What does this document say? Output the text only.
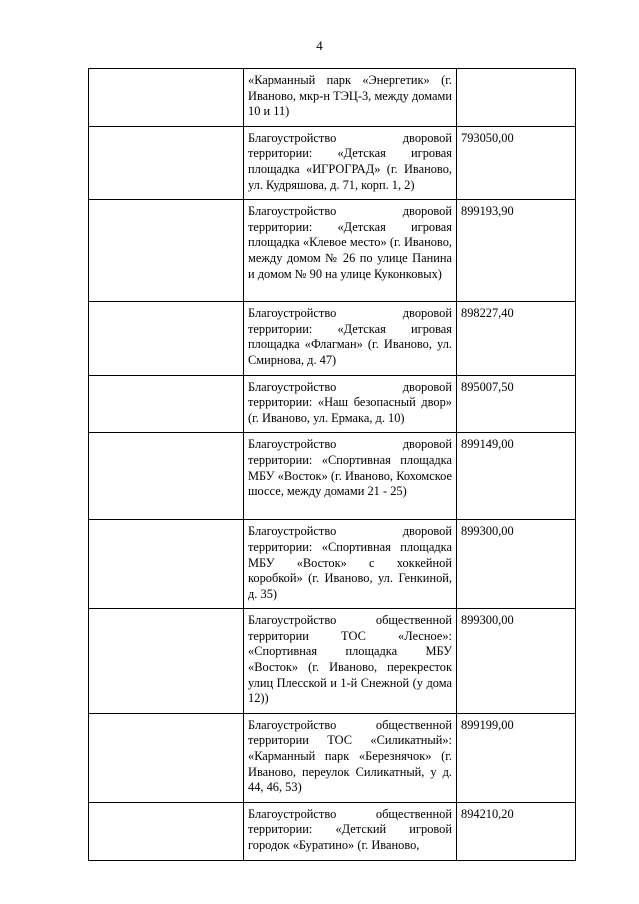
4
	«Карманный парк «Энергетик» (г. Иваново, мкр-н ТЭЦ-3, между домами 10 и 11)	
	Благоустройство дворовой территории: «Детская игровая площадка «ИГРОГРАД» (г. Иваново, ул. Кудряшова, д. 71, корп. 1, 2)	793050,00
	Благоустройство дворовой территории: «Детская игровая площадка «Клевое место» (г. Иваново, между домом № 26 по улице Панина и домом № 90 на улице Куконковых)	899193,90
	Благоустройство дворовой территории: «Детская игровая площадка «Флагман» (г. Иваново, ул. Смирнова, д. 47)	898227,40
	Благоустройство дворовой территории: «Наш безопасный двор» (г. Иваново, ул. Ермака, д. 10)	895007,50
	Благоустройство дворовой территории: «Спортивная площадка МБУ «Восток» (г. Иваново, Кохомское шоссе, между домами 21 - 25)	899149,00
	Благоустройство дворовой территории: «Спортивная площадка МБУ «Восток» с хоккейной коробкой» (г. Иваново, ул. Генкиной, д. 35)	899300,00
	Благоустройство общественной территории ТОС «Лесное»: «Спортивная площадка МБУ «Восток» (г. Иваново, перекресток улиц Плесской и 1-й Снежной (у дома 12))	899300,00
	Благоустройство общественной территории ТОС «Силикатный»: «Карманный парк «Березнячок» (г. Иваново, переулок Силикатный, у д. 44, 46, 53)	899199,00
	Благоустройство общественной территории: «Детский игровой городок «Буратино» (г. Иваново,	894210,20
